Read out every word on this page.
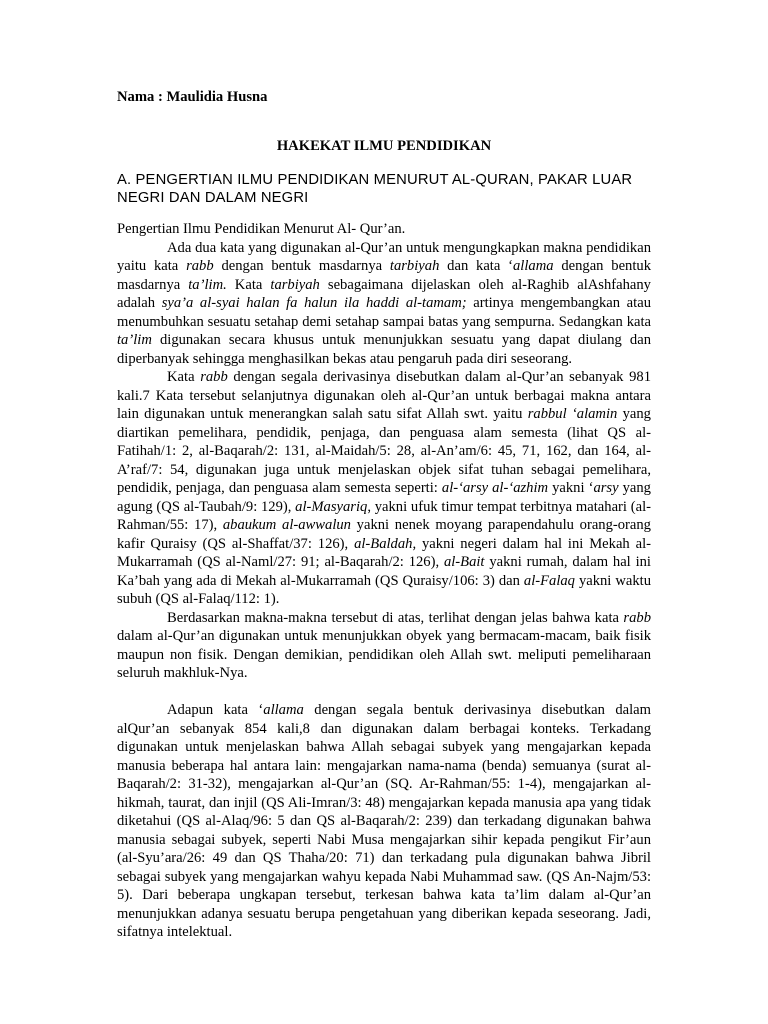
Nama : Maulidia Husna
HAKEKAT ILMU PENDIDIKAN
A. PENGERTIAN ILMU PENDIDIKAN MENURUT AL-QURAN, PAKAR LUAR NEGRI DAN DALAM NEGRI

Pengertian Ilmu Pendidikan Menurut Al- Qur’an.

Ada dua kata yang digunakan al-Qur’an untuk mengungkapkan makna pendidikan yaitu kata rabb dengan bentuk masdarnya tarbiyah dan kata ‘allama dengan bentuk masdarnya ta’lim. Kata tarbiyah sebagaimana dijelaskan oleh al-Raghib alAshfahany adalah sya’a al-syai halan fa halun ila haddi al-tamam; artinya mengembangkan atau menumbuhkan sesuatu setahap demi setahap sampai batas yang sempurna. Sedangkan kata ta’lim digunakan secara khusus untuk menunjukkan sesuatu yang dapat diulang dan diperbanyak sehingga menghasilkan bekas atau pengaruh pada diri seseorang.

Kata rabb dengan segala derivasinya disebutkan dalam al-Qur’an sebanyak 981 kali.7 Kata tersebut selanjutnya digunakan oleh al-Qur’an untuk berbagai makna antara lain digunakan untuk menerangkan salah satu sifat Allah swt. yaitu rabbul ‘alamin yang diartikan pemelihara, pendidik, penjaga, dan penguasa alam semesta (lihat QS al- Fatihah/1: 2, al-Baqarah/2: 131, al-Maidah/5: 28, al-An’am/6: 45, 71, 162, dan 164, al-A’raf/7: 54, digunakan juga untuk menjelaskan objek sifat tuhan sebagai pemelihara, pendidik, penjaga, dan penguasa alam semesta seperti: al-‘arsy al-‘azhim yakni ‘arsy yang agung (QS al-Taubah/9: 129), al-Masyariq, yakni ufuk timur tempat terbitnya matahari (al-Rahman/55: 17), abaukum al-awwalun yakni nenek moyang parapendahulu orang-orang kafir Quraisy (QS al-Shaffat/37: 126), al-Baldah, yakni negeri dalam hal ini Mekah al-Mukarramah (QS al-Naml/27: 91; al-Baqarah/2: 126), al-Bait yakni rumah, dalam hal ini Ka’bah yang ada di Mekah al-Mukarramah (QS Quraisy/106: 3) dan al-Falaq yakni waktu subuh (QS al-Falaq/112: 1).

Berdasarkan makna-makna tersebut di atas, terlihat dengan jelas bahwa kata rabb dalam al-Qur’an digunakan untuk menunjukkan obyek yang bermacam-macam, baik fisik maupun non fisik. Dengan demikian, pendidikan oleh Allah swt. meliputi pemeliharaan seluruh makhluk-Nya.

Adapun kata ‘allama dengan segala bentuk derivasinya disebutkan dalam alQur’an sebanyak 854 kali,8 dan digunakan dalam berbagai konteks. Terkadang digunakan untuk menjelaskan bahwa Allah sebagai subyek yang mengajarkan kepada manusia beberapa hal antara lain: mengajarkan nama-nama (benda) semuanya (surat al-Baqarah/2: 31-32), mengajarkan al-Qur’an (SQ. Ar-Rahman/55: 1-4), mengajarkan al-hikmah, taurat, dan injil (QS Ali-Imran/3: 48) mengajarkan kepada manusia apa yang tidak diketahui (QS al-Alaq/96: 5 dan QS al-Baqarah/2: 239) dan terkadang digunakan bahwa manusia sebagai subyek, seperti Nabi Musa mengajarkan sihir kepada pengikut Fir’aun (al-Syu’ara/26: 49 dan QS Thaha/20: 71) dan terkadang pula digunakan bahwa Jibril sebagai subyek yang mengajarkan wahyu kepada Nabi Muhammad saw. (QS An-Najm/53: 5). Dari beberapa ungkapan tersebut, terkesan bahwa kata ta’lim dalam al-Qur’an menunjukkan adanya sesuatu berupa pengetahuan yang diberikan kepada seseorang. Jadi, sifatnya intelektual.
